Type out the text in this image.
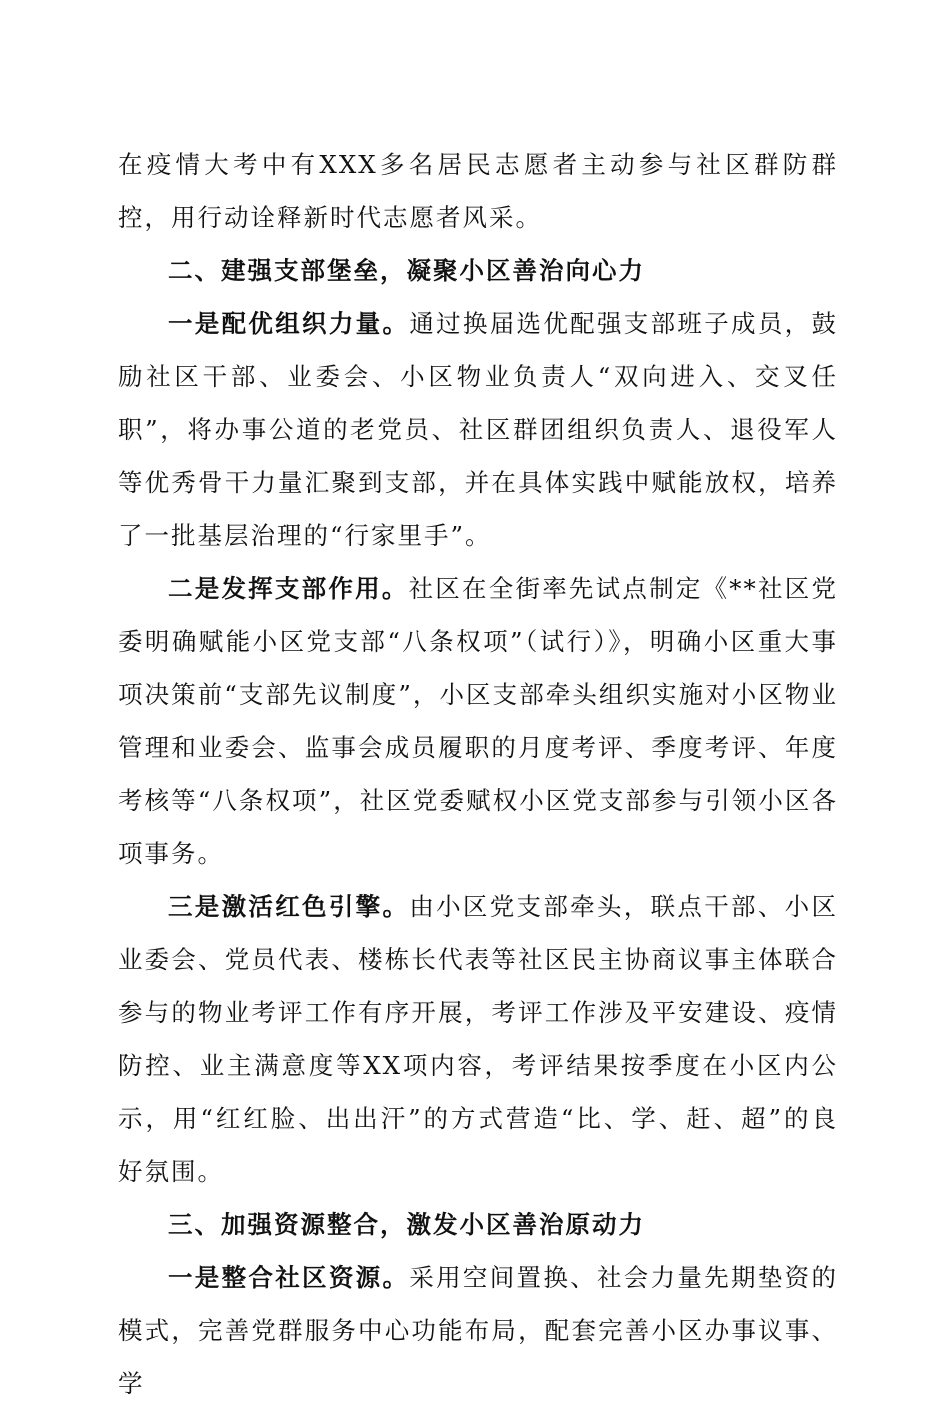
在疫情大考中有XXX多名居民志愿者主动参与社区群防群控，用行动诠释新时代志愿者风采。

二、建强支部堡垒，凝聚小区善治向心力

一是配优组织力量。通过换届选优配强支部班子成员，鼓励社区干部、业委会、小区物业负责人“双向进入、交叉任职”，将办事公道的老党员、社区群团组织负责人、退役军人等优秀骨干力量汇聚到支部，并在具体实践中赋能放权，培养了一批基层治理的“行家里手”。

二是发挥支部作用。社区在全街率先试点制定《**社区党委明确赋能小区党支部“八条权项”（试行）》，明确小区重大事项决策前“支部先议制度”，小区支部牵头组织实施对小区物业管理和业委会、监事会成员履职的月度考评、季度考评、年度考核等“八条权项”，社区党委赋权小区党支部参与引领小区各项事务。

三是激活红色引擎。由小区党支部牵头，联点干部、小区业委会、党员代表、楼栋长代表等社区民主协商议事主体联合参与的物业考评工作有序开展，考评工作涉及平安建设、疫情防控、业主满意度等XX项内容，考评结果按季度在小区内公示，用“红红脸、出出汗”的方式营造“比、学、赶、超”的良好氛围。

三、加强资源整合，激发小区善治原动力

一是整合社区资源。采用空间置换、社会力量先期垫资的模式，完善党群服务中心功能布局，配套完善小区办事议事、学
